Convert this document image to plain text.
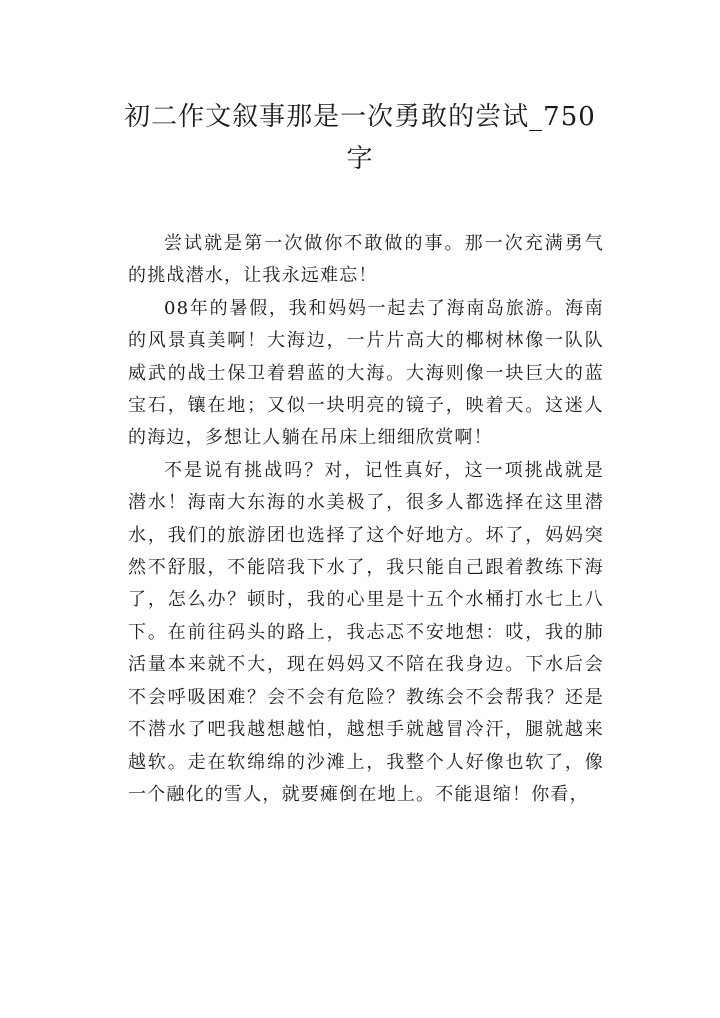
初二作文叙事那是一次勇敢的尝试_750字

尝试就是第一次做你不敢做的事。那一次充满勇气的挑战潜水，让我永远难忘！

08年的暑假，我和妈妈一起去了海南岛旅游。海南的风景真美啊！大海边，一片片高大的椰树林像一队队威武的战士保卫着碧蓝的大海。大海则像一块巨大的蓝宝石，镶在地；又似一块明亮的镜子，映着天。这迷人的海边，多想让人躺在吊床上细细欣赏啊！

不是说有挑战吗？对，记性真好，这一项挑战就是潜水！海南大东海的水美极了，很多人都选择在这里潜水，我们的旅游团也选择了这个好地方。坏了，妈妈突然不舒服，不能陪我下水了，我只能自己跟着教练下海了，怎么办？顿时，我的心里是十五个水桶打水七上八下。在前往码头的路上，我忐忑不安地想：哎，我的肺活量本来就不大，现在妈妈又不陪在我身边。下水后会不会呼吸困难？会不会有危险？教练会不会帮我？还是不潜水了吧我越想越怕，越想手就越冒冷汗，腿就越来越软。走在软绵绵的沙滩上，我整个人好像也软了，像一个融化的雪人，就要瘫倒在地上。不能退缩！你看，
